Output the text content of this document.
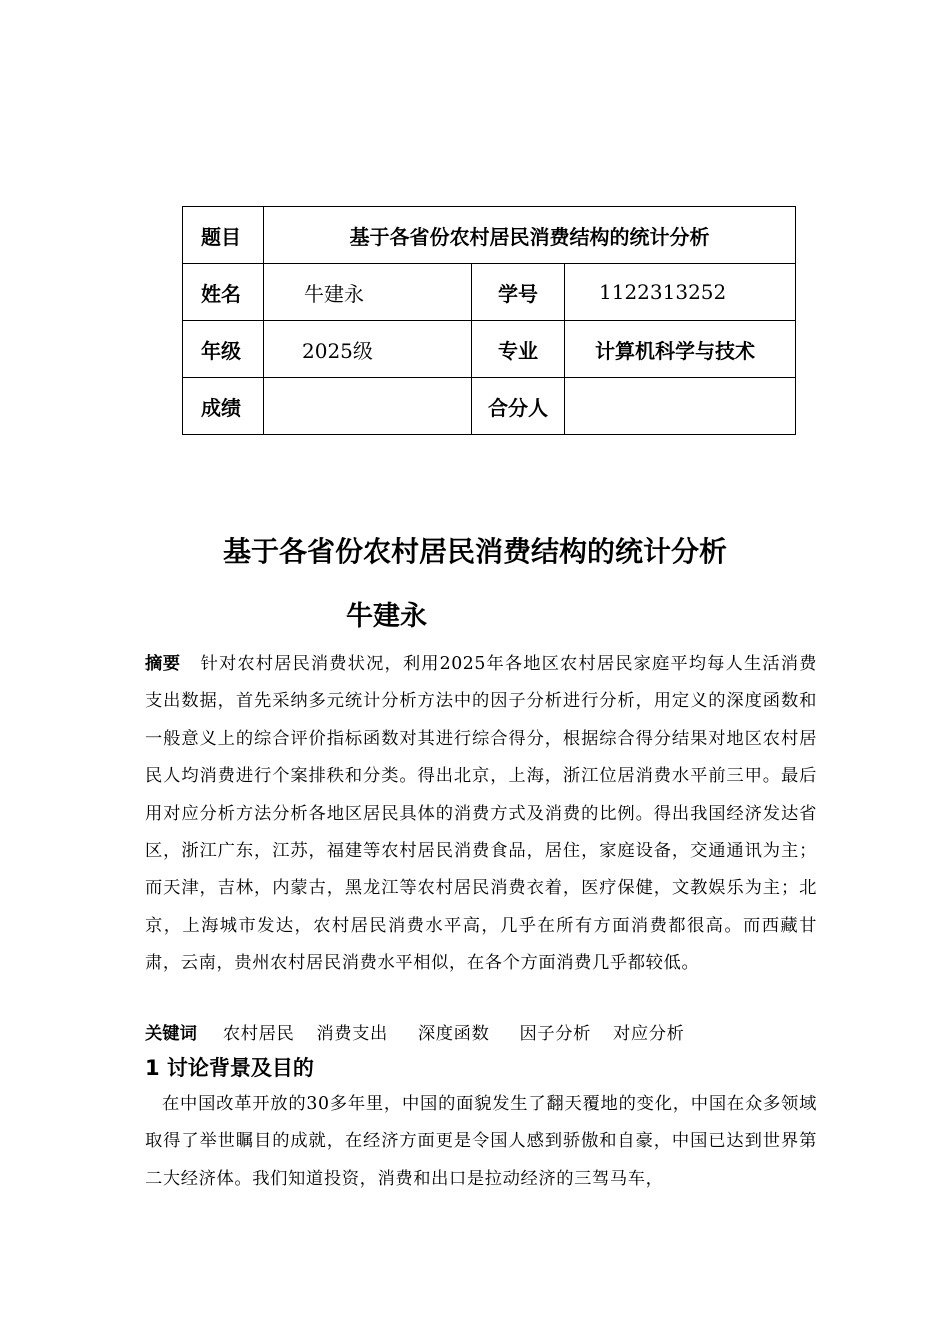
题目	基于各省份农村居民消费结构的统计分析		
姓名	牛建永	学号	1122313252
年级	2025级	专业	计算机科学与技术
成绩		合分人	
基于各省份农村居民消费结构的统计分析
牛建永

摘要 针对农村居民消费状况，利用2025年各地区农村居民家庭平均每人生活消费支出数据，首先采纳多元统计分析方法中的因子分析进行分析，用定义的深度函数和一般意义上的综合评价指标函数对其进行综合得分，根据综合得分结果对地区农村居民人均消费进行个案排秩和分类。得出北京，上海，浙江位居消费水平前三甲。最后用对应分析方法分析各地区居民具体的消费方式及消费的比例。得出我国经济发达省区，浙江广东，江苏，福建等农村居民消费食品，居住，家庭设备，交通通讯为主；而天津，吉林，内蒙古，黑龙江等农村居民消费衣着，医疗保健，文教娱乐为主；北京，上海城市发达，农村居民消费水平高，几乎在所有方面消费都很高。而西藏甘肃，云南，贵州农村居民消费水平相似，在各个方面消费几乎都较低。

关键词 农村居民 消费支出 深度函数 因子分析 对应分析

1 讨论背景及目的

在中国改革开放的30多年里，中国的面貌发生了翻天覆地的变化，中国在众多领域取得了举世瞩目的成就，在经济方面更是令国人感到骄傲和自豪，中国已达到世界第二大经济体。我们知道投资，消费和出口是拉动经济的三驾马车，
